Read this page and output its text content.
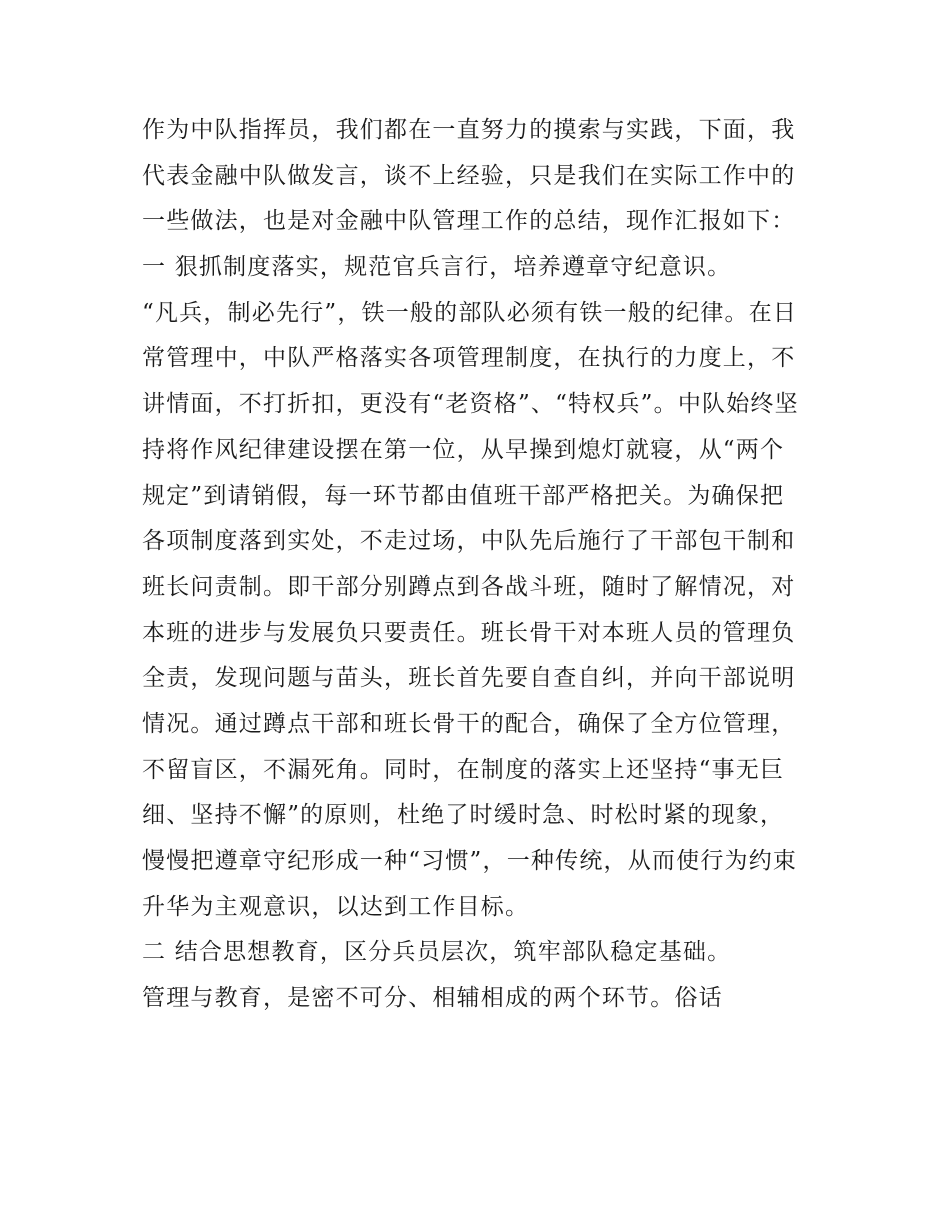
作为中队指挥员，我们都在一直努力的摸索与实践，下面，我
代表金融中队做发言，谈不上经验，只是我们在实际工作中的
一些做法，也是对金融中队管理工作的总结，现作汇报如下：
一 狠抓制度落实，规范官兵言行，培养遵章守纪意识。
“凡兵，制必先行”，铁一般的部队必须有铁一般的纪律。在日
常管理中，中队严格落实各项管理制度，在执行的力度上，不
讲情面，不打折扣，更没有“老资格”、“特权兵”。中队始终坚
持将作风纪律建设摆在第一位，从早操到熄灯就寝，从“两个
规定”到请销假，每一环节都由值班干部严格把关。为确保把
各项制度落到实处，不走过场，中队先后施行了干部包干制和
班长问责制。即干部分别蹲点到各战斗班，随时了解情况，对
本班的进步与发展负只要责任。班长骨干对本班人员的管理负
全责，发现问题与苗头，班长首先要自查自纠，并向干部说明
情况。通过蹲点干部和班长骨干的配合，确保了全方位管理，
不留盲区，不漏死角。同时，在制度的落实上还坚持“事无巨
细、坚持不懈”的原则，杜绝了时缓时急、时松时紧的现象，
慢慢把遵章守纪形成一种“习惯”，一种传统，从而使行为约束
升华为主观意识，以达到工作目标。
二 结合思想教育，区分兵员层次，筑牢部队稳定基础。
管理与教育，是密不可分、相辅相成的两个环节。俗话
